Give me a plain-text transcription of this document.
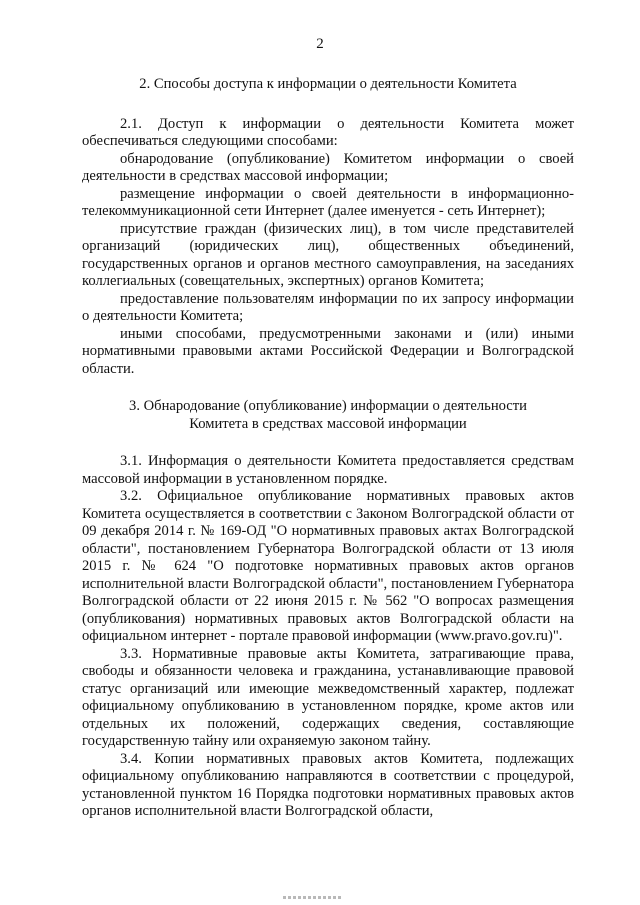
2

2. Способы доступа к информации о деятельности Комитета

2.1. Доступ к информации о деятельности Комитета может обеспечиваться следующими способами:

обнародование (опубликование) Комитетом информации о своей деятельности в средствах массовой информации;

размещение информации о своей деятельности в информационно-телекоммуникационной сети Интернет (далее именуется - сеть Интернет);

присутствие граждан (физических лиц), в том числе представителей организаций (юридических лиц), общественных объединений, государственных органов и органов местного самоуправления, на заседаниях коллегиальных (совещательных, экспертных) органов Комитета;

предоставление пользователям информации по их запросу информации о деятельности Комитета;

иными способами, предусмотренными законами и (или) иными нормативными правовыми актами Российской Федерации и Волгоградской области.

3. Обнародование (опубликование) информации о деятельности

Комитета в средствах массовой информации

3.1. Информация о деятельности Комитета предоставляется средствам массовой информации в установленном порядке.

3.2. Официальное опубликование нормативных правовых актов Комитета осуществляется в соответствии с Законом Волгоградской области от 09 декабря 2014 г. № 169-ОД "О нормативных правовых актах Волгоградской области", постановлением Губернатора Волгоградской области от 13 июля 2015 г. № 624 "О подготовке нормативных правовых актов органов исполнительной власти Волгоградской области", постановлением Губернатора Волгоградской области от 22 июня 2015 г. № 562 "О вопросах размещения (опубликования) нормативных правовых актов Волгоградской области на официальном интернет - портале правовой информации (www.pravo.gov.ru)".

3.3. Нормативные правовые акты Комитета, затрагивающие права, свободы и обязанности человека и гражданина, устанавливающие правовой статус организаций или имеющие межведомственный характер, подлежат официальному опубликованию в установленном порядке, кроме актов или отдельных их положений, содержащих сведения, составляющие государственную тайну или охраняемую законом тайну.

3.4. Копии нормативных правовых актов Комитета, подлежащих официальному опубликованию направляются в соответствии с процедурой, установленной пунктом 16 Порядка подготовки нормативных правовых актов органов исполнительной власти Волгоградской области,
